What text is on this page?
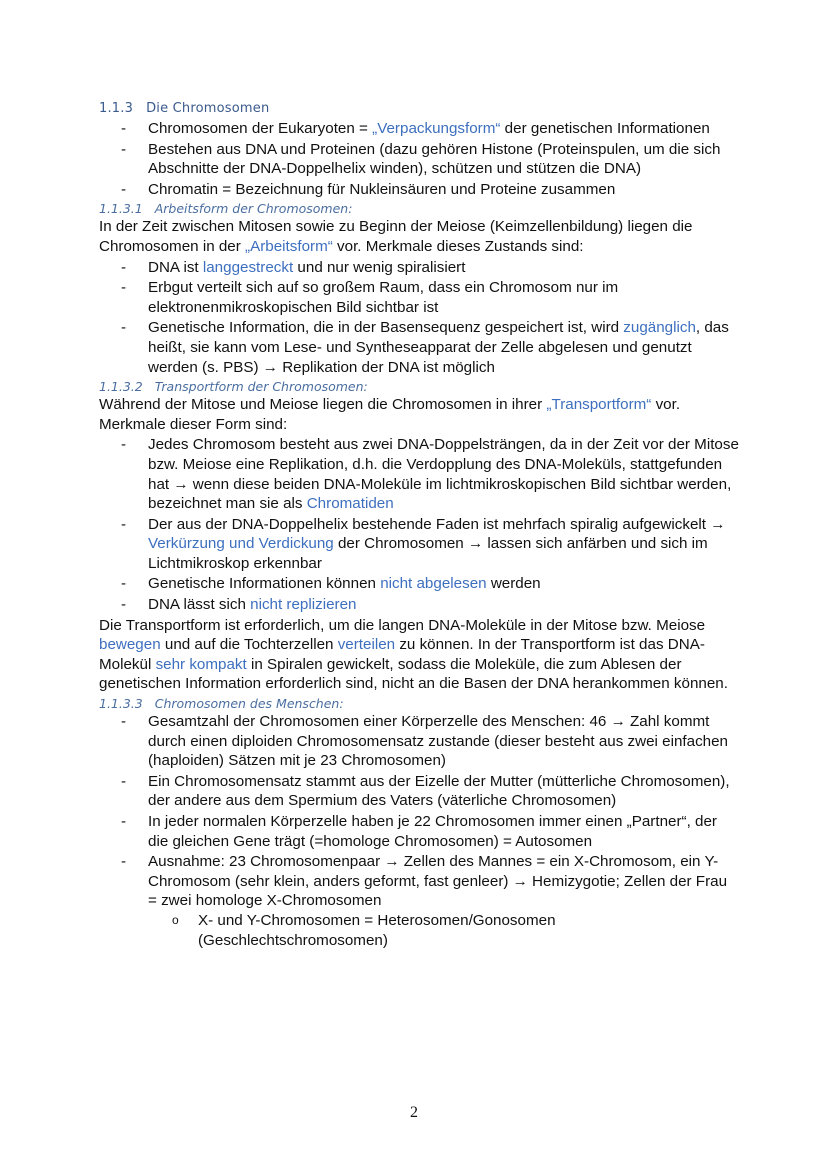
1.1.3 Die Chromosomen
- Chromosomen der Eukaryoten = „Verpackungsform“ der genetischen Informationen
- Bestehen aus DNA und Proteinen (dazu gehören Histone (Proteinspulen, um die sich Abschnitte der DNA-Doppelhelix winden), schützen und stützen die DNA)
- Chromatin = Bezeichnung für Nukleinsäuren und Proteine zusammen
1.1.3.1 Arbeitsform der Chromosomen:

In der Zeit zwischen Mitosen sowie zu Beginn der Meiose (Keimzellenbildung) liegen die Chromosomen in der „Arbeitsform“ vor. Merkmale dieses Zustands sind:

- DNA ist langgestreckt und nur wenig spiralisiert
- Erbgut verteilt sich auf so großem Raum, dass ein Chromosom nur im elektronenmikroskopischen Bild sichtbar ist
- Genetische Information, die in der Basensequenz gespeichert ist, wird zugänglich, das heißt, sie kann vom Lese- und Syntheseapparat der Zelle abgelesen und genutzt werden (s. PBS) → Replikation der DNA ist möglich
1.1.3.2 Transportform der Chromosomen:

Während der Mitose und Meiose liegen die Chromosomen in ihrer „Transportform“ vor. Merkmale dieser Form sind:

- Jedes Chromosom besteht aus zwei DNA-Doppelsträngen, da in der Zeit vor der Mitose bzw. Meiose eine Replikation, d.h. die Verdopplung des DNA-Moleküls, stattgefunden hat → wenn diese beiden DNA-Moleküle im lichtmikroskopischen Bild sichtbar werden, bezeichnet man sie als Chromatiden
- Der aus der DNA-Doppelhelix bestehende Faden ist mehrfach spiralig aufgewickelt → Verkürzung und Verdickung der Chromosomen → lassen sich anfärben und sich im Lichtmikroskop erkennbar
- Genetische Informationen können nicht abgelesen werden
- DNA lässt sich nicht replizieren

Die Transportform ist erforderlich, um die langen DNA-Moleküle in der Mitose bzw. Meiose bewegen und auf die Tochterzellen verteilen zu können. In der Transportform ist das DNA-Molekül sehr kompakt in Spiralen gewickelt, sodass die Moleküle, die zum Ablesen der genetischen Information erforderlich sind, nicht an die Basen der DNA herankommen können.

1.1.3.3 Chromosomen des Menschen:
- Gesamtzahl der Chromosomen einer Körperzelle des Menschen: 46 → Zahl kommt durch einen diploiden Chromosomensatz zustande (dieser besteht aus zwei einfachen (haploiden) Sätzen mit je 23 Chromosomen)
- Ein Chromosomensatz stammt aus der Eizelle der Mutter (mütterliche Chromosomen), der andere aus dem Spermium des Vaters (väterliche Chromosomen)
- In jeder normalen Körperzelle haben je 22 Chromosomen immer einen „Partner“, der die gleichen Gene trägt (=homologe Chromosomen) = Autosomen
- Ausnahme: 23 Chromosomenpaar → Zellen des Mannes = ein X-Chromosom, ein Y-Chromosom (sehr klein, anders geformt, fast genleer) → Hemizygotie; Zellen der Frau = zwei homologe X-Chromosomen
o X- und Y-Chromosomen = Heterosomen/Gonosomen (Geschlechtschromosomen)
2
